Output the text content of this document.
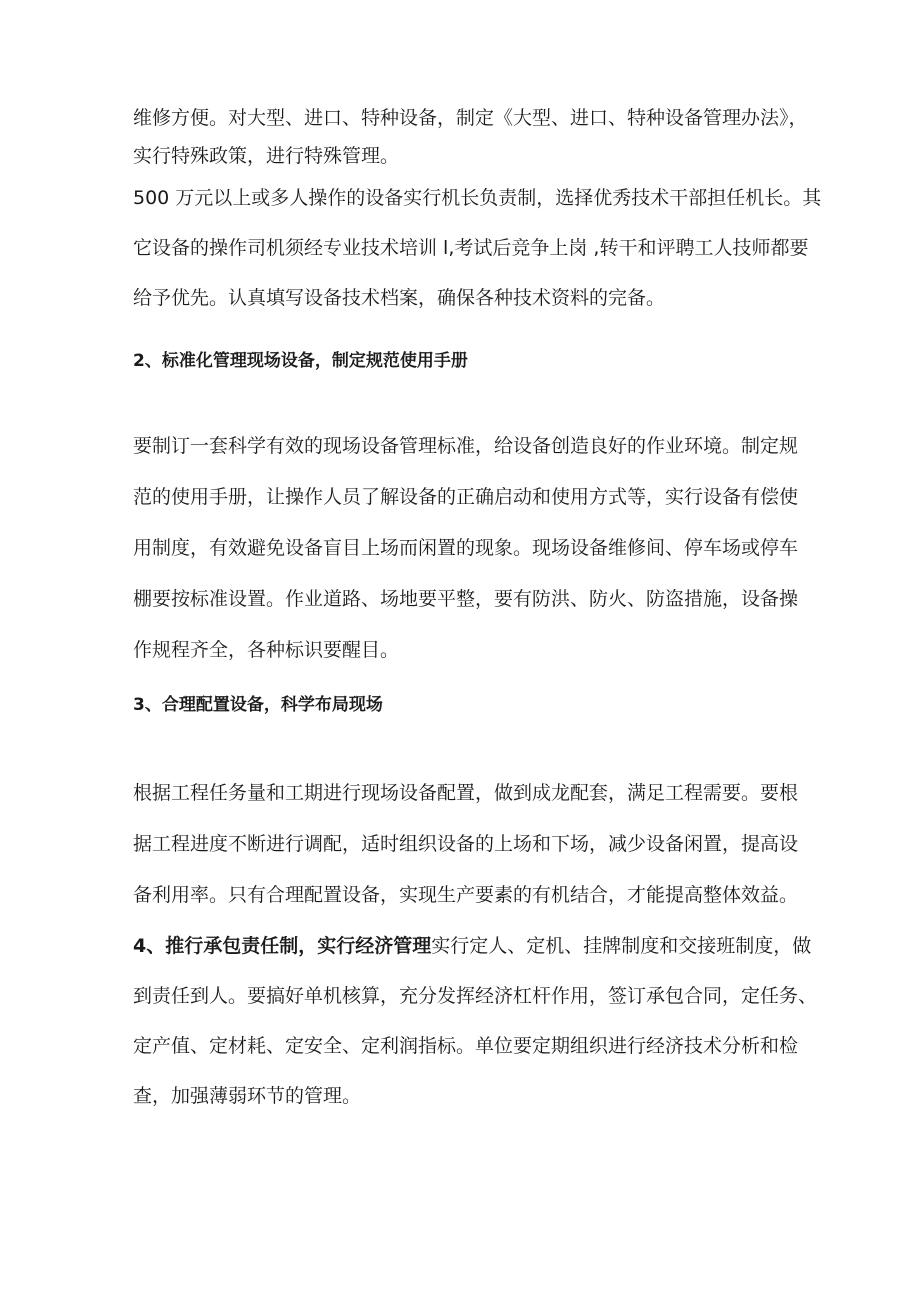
维修方便。对大型、进口、特种设备，制定《大型、进口、特种设备管理办法》，
实行特殊政策，进行特殊管理。

500 万元以上或多人操作的设备实行机长负责制，选择优秀技术干部担任机长。其
它设备的操作司机须经专业技术培训 l,考试后竞争上岗 ,转干和评聘工人技师都要
给予优先。认真填写设备技术档案，确保各种技术资料的完备。

2、标准化管理现场设备，制定规范使用手册

要制订一套科学有效的现场设备管理标准，给设备创造良好的作业环境。制定规
范的使用手册，让操作人员了解设备的正确启动和使用方式等，实行设备有偿使
用制度，有效避免设备盲目上场而闲置的现象。现场设备维修间、停车场或停车
棚要按标准设置。作业道路、场地要平整，要有防洪、防火、防盗措施，设备操
作规程齐全，各种标识要醒目。

3、合理配置设备，科学布局现场

根据工程任务量和工期进行现场设备配置，做到成龙配套，满足工程需要。要根
据工程进度不断进行调配，适时组织设备的上场和下场，减少设备闲置，提高设
备利用率。只有合理配置设备，实现生产要素的有机结合，才能提高整体效益。

4、推行承包责任制，实行经济管理实行定人、定机、挂牌制度和交接班制度，做
到责任到人。要搞好单机核算，充分发挥经济杠杆作用，签订承包合同，定任务、
定产值、定材耗、定安全、定利润指标。单位要定期组织进行经济技术分析和检
查，加强薄弱环节的管理。
